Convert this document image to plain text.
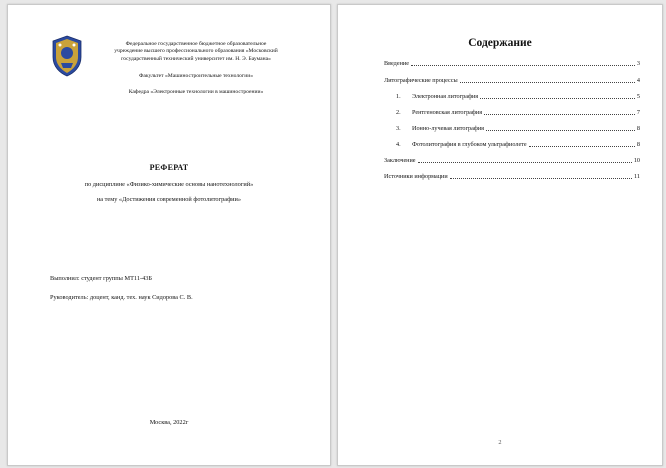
Федеральное государственное бюджетное образовательное
учреждение высшего профессионального образования «Московский
государственный технический университет им. Н. Э. Баумана»
Факультет «Машиностроительные технологии»
Кафедра «Электронные технологии в машиностроении»
РЕФЕРАТ
по дисциплине «Физико-химические основы нанотехнологий»
на тему «Достижения современной фотолитографии»
Выполнил: студент группы МТ11-43Б
Руководитель: доцент, канд. тех. наук Сидорова С. В.
Москва, 2022г
Содержание
Введение	3
Литографические процессы	4
1.	Электронная литография	5
2.	Рентгеновская литография	7
3.	Ионно-лучевая литография	8
4.	Фотолитография в глубоком ультрафиолете	8
Заключение	10
Источники информации	11
2
